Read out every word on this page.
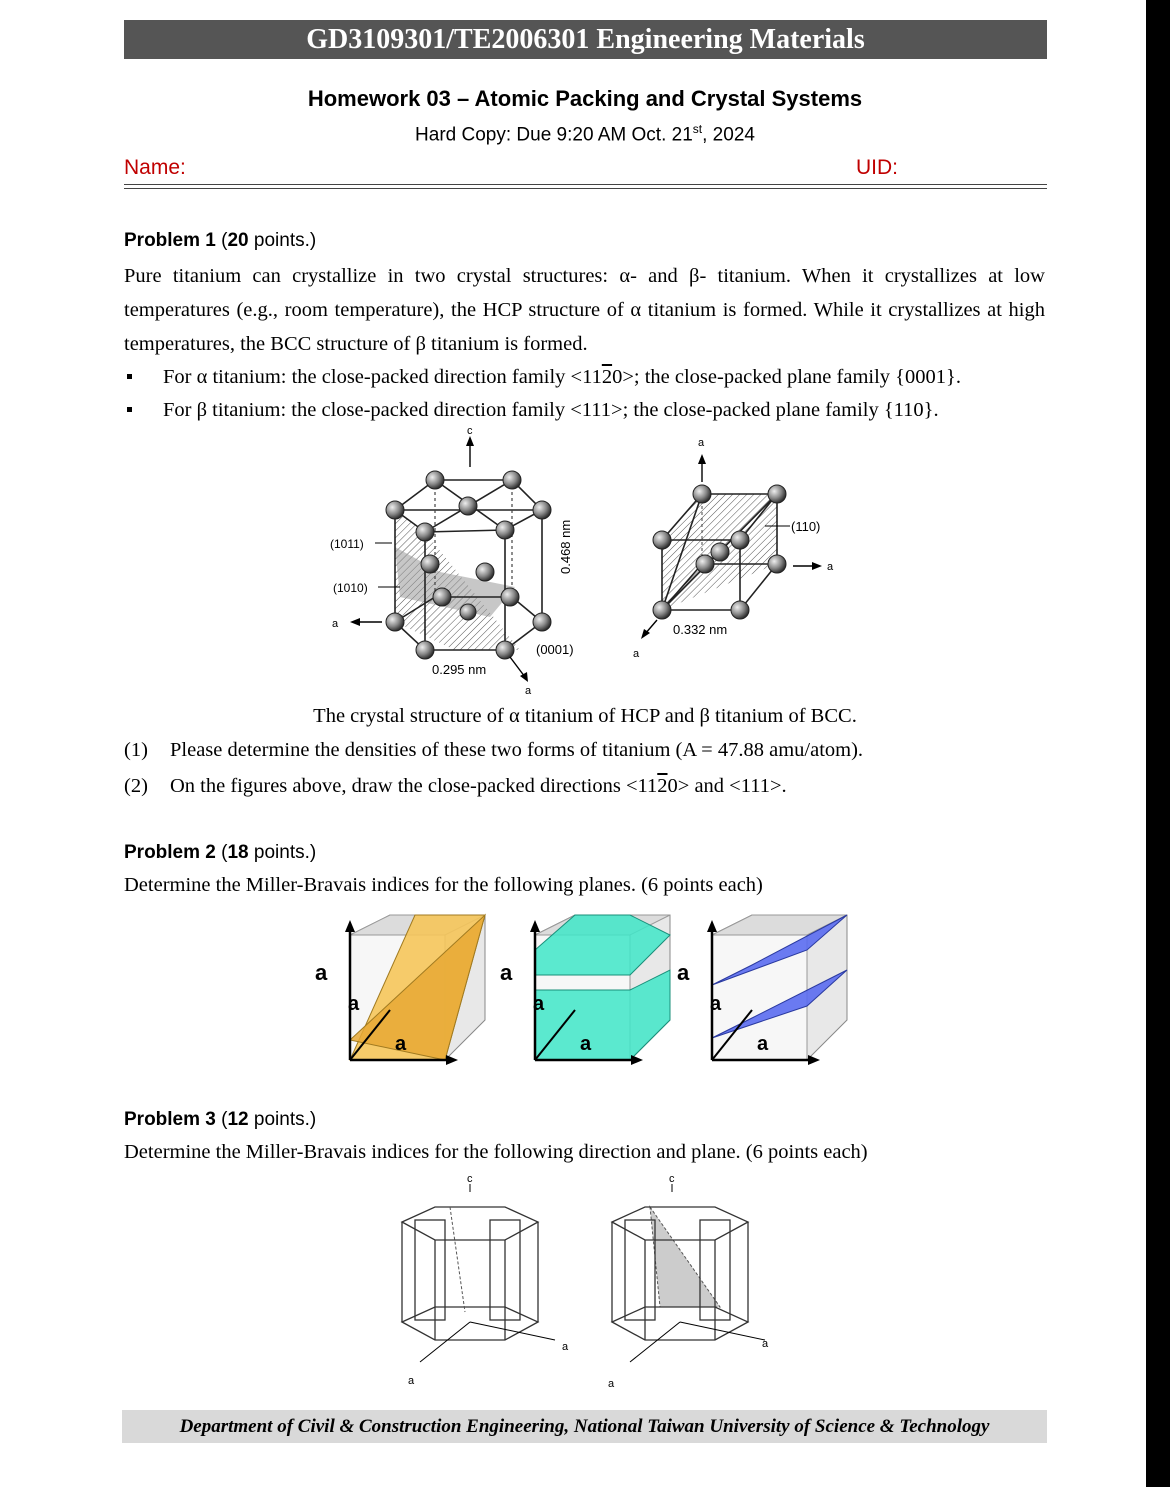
GD3109301/TE2006301 Engineering Materials
Homework 03 – Atomic Packing and Crystal Systems
Hard Copy: Due 9:20 AM Oct. 21st, 2024
Name:	UID:
Problem 1 (20 points.)
Pure titanium can crystallize in two crystal structures: α- and β- titanium. When it crystallizes at low temperatures (e.g., room temperature), the HCP structure of α titanium is formed. While it crystallizes at high temperatures, the BCC structure of β titanium is formed.
For α titanium: the close-packed direction family <1120>; the close-packed plane family {0001}.
For β titanium: the close-packed direction family <111>; the close-packed plane family {110}.
c
(1011)
(1010)
a
a
0.468 nm
(0001)
0.295 nm
a
(110)
a
a
0.332 nm
The crystal structure of α titanium of HCP and β titanium of BCC.
(1) Please determine the densities of these two forms of titanium (A = 47.88 amu/atom).
(2) On the figures above, draw the close-packed directions <1120> and <111>.
Problem 2 (18 points.)
Determine the Miller-Bravais indices for the following planes. (6 points each)
a
a
a
a
a
a
a
a
a
Problem 3 (12 points.)
Determine the Miller-Bravais indices for the following direction and plane. (6 points each)
c
a
a
c
a
a
Department of Civil & Construction Engineering, National Taiwan University of Science & Technology
